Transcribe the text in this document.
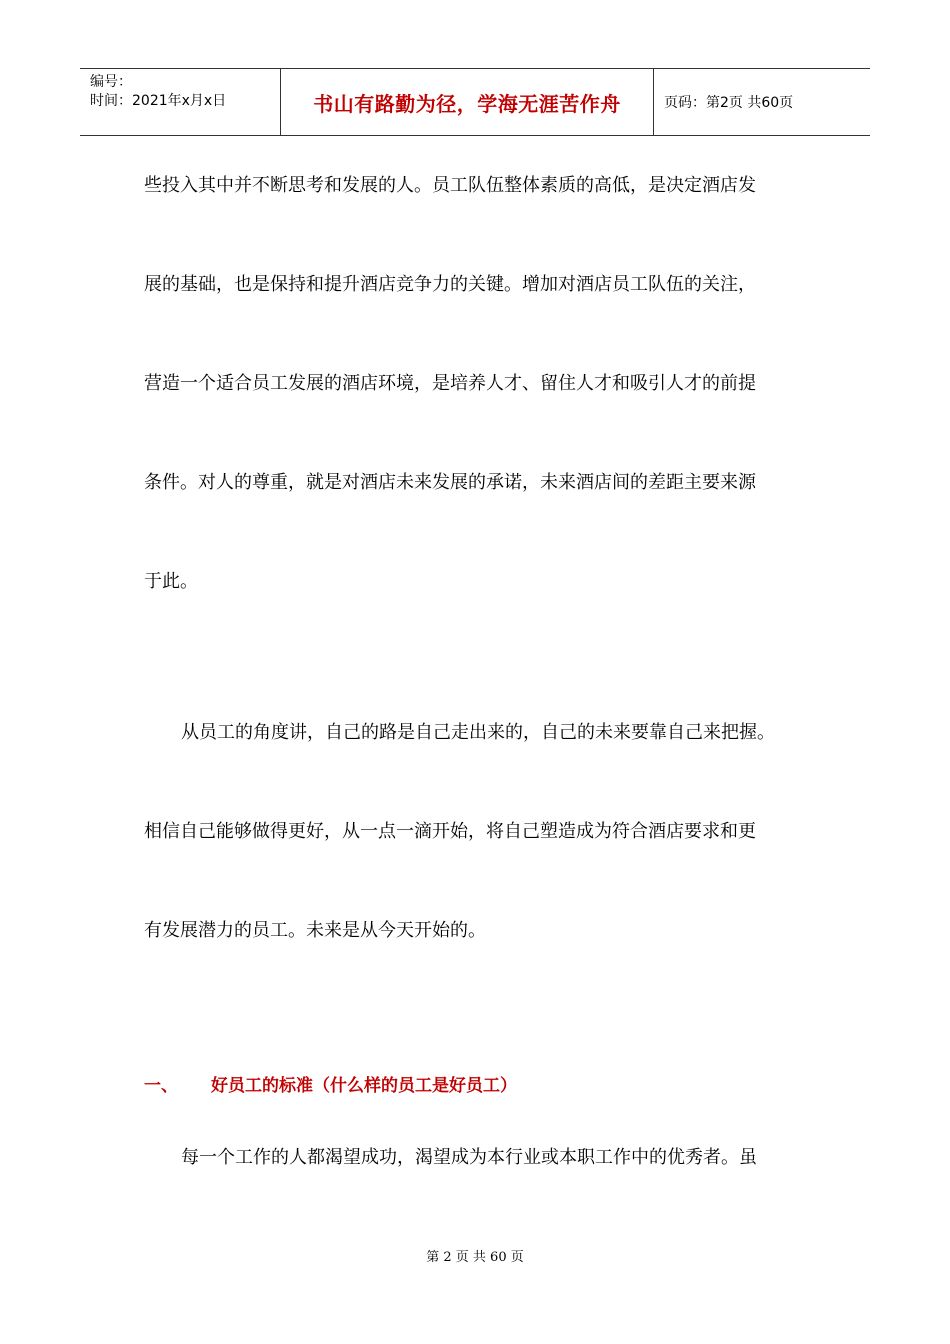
编号：
时间：2021年x月x日	书山有路勤为径，学海无涯苦作舟	页码：第2页 共60页
些投入其中并不断思考和发展的人。员工队伍整体素质的高低，是决定酒店发
展的基础，也是保持和提升酒店竞争力的关键。增加对酒店员工队伍的关注，
营造一个适合员工发展的酒店环境，是培养人才、留住人才和吸引人才的前提
条件。对人的尊重，就是对酒店未来发展的承诺，未来酒店间的差距主要来源
于此。
从员工的角度讲，自己的路是自己走出来的，自己的未来要靠自己来把握。
相信自己能够做得更好，从一点一滴开始，将自己塑造成为符合酒店要求和更
有发展潜力的员工。未来是从今天开始的。
一、 好员工的标准（什么样的员工是好员工）
每一个工作的人都渴望成功，渴望成为本行业或本职工作中的优秀者。虽
第 2 页 共 60 页
